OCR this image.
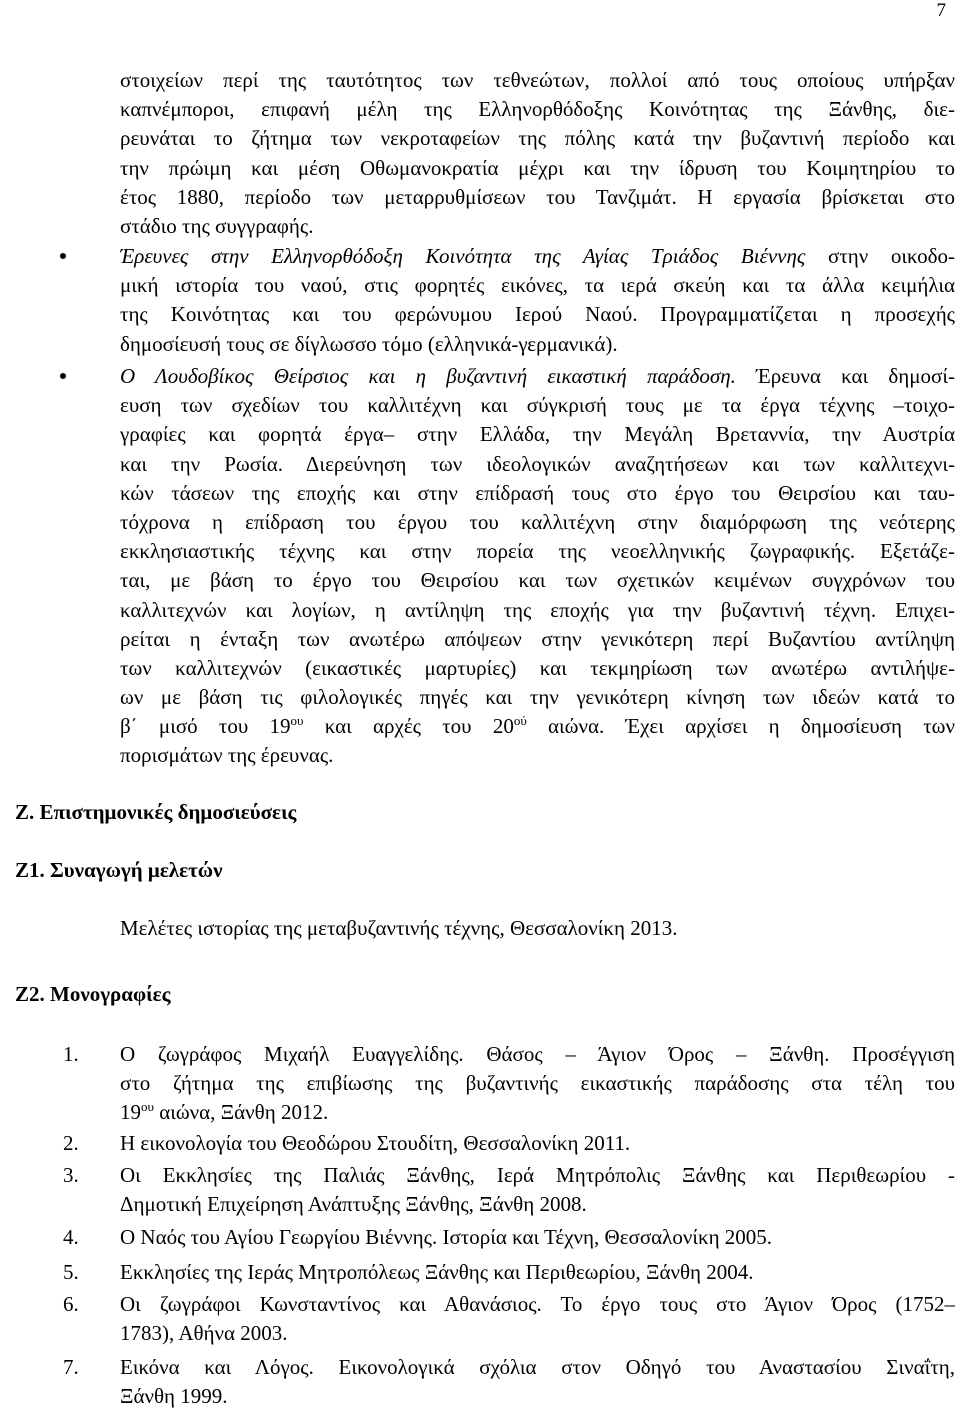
7
στοιχείων περί της ταυτότητος των τεθνεώτων, πολλοί από τους οποίους υπήρξαν
καπνέμποροι, επιφανή μέλη της Ελληνορθόδοξης Κοινότητας της Ξάνθης, διε-
ρευνάται το ζήτημα των νεκροταφείων της πόλης κατά την βυζαντινή περίοδο και
την πρώιμη και μέση Οθωμανοκρατία μέχρι και την ίδρυση του Κοιμητηρίου το
έτος 1880, περίοδο των μεταρρυθμίσεων του Τανζιμάτ. Η εργασία βρίσκεται στο
στάδιο της συγγραφής.
Έρευνες στην Ελληνορθόδοξη Κοινότητα της Αγίας Τριάδος Βιέννης στην οικοδο-
μική ιστορία του ναού, στις φορητές εικόνες, τα ιερά σκεύη και τα άλλα κειμήλια
της Κοινότητας και του φερώνυμου Ιερού Ναού. Προγραμματίζεται η προσεχής
δημοσίευσή τους σε δίγλωσσο τόμο (ελληνικά-γερμανικά).
Ο Λουδοβίκος Θείρσιος και η βυζαντινή εικαστική παράδοση. Έρευνα και δημοσί-
ευση των σχεδίων του καλλιτέχνη και σύγκρισή τους με τα έργα τέχνης –τοιχο-
γραφίες και φορητά έργα– στην Ελλάδα, την Μεγάλη Βρεταννία, την Αυστρία
και την Ρωσία. Διερεύνηση των ιδεολογικών αναζητήσεων και των καλλιτεχνι-
κών τάσεων της εποχής και στην επίδρασή τους στο έργο του Θειρσίου και ταυ-
τόχρονα η επίδραση του έργου του καλλιτέχνη στην διαμόρφωση της νεότερης
εκκλησιαστικής τέχνης και στην πορεία της νεοελληνικής ζωγραφικής. Εξετάζε-
ται, με βάση το έργο του Θειρσίου και των σχετικών κειμένων συγχρόνων του
καλλιτεχνών και λογίων, η αντίληψη της εποχής για την βυζαντινή τέχνη. Επιχει-
ρείται η ένταξη των ανωτέρω απόψεων στην γενικότερη περί Βυζαντίου αντίληψη
των καλλιτεχνών (εικαστικές μαρτυρίες) και τεκμηρίωση των ανωτέρω αντιλήψε-
ων με βάση τις φιλολογικές πηγές και την γενικότερη κίνηση των ιδεών κατά το
β΄ μισό του $19^{o\upsilon}$ και αρχές του $20^{oύ}$ αιώνα. Έχει αρχίσει η δημοσίευση των
πορισμάτων της έρευνας.
Ζ. Επιστημονικές δημοσιεύσεις
Ζ1. Συναγωγή μελετών
Μελέτες ιστορίας της μεταβυζαντινής τέχνης, Θεσσαλονίκη 2013.
Ζ2. Μονογραφίες
1. Ο ζωγράφος Μιχαήλ Ευαγγελίδης. Θάσος – Άγιον Όρος – Ξάνθη. Προσέγγιση
στο ζήτημα της επιβίωσης της βυζαντινής εικαστικής παράδοσης στα τέλη του
$19^{o\upsilon}$ αιώνα, Ξάνθη 2012.
2. Η εικονολογία του Θεοδώρου Στουδίτη, Θεσσαλονίκη 2011.
3. Οι Εκκλησίες της Παλιάς Ξάνθης, Ιερά Μητρόπολις Ξάνθης και Περιθεωρίου -
Δημοτική Επιχείρηση Ανάπτυξης Ξάνθης, Ξάνθη 2008.
4. Ο Ναός του Αγίου Γεωργίου Βιέννης. Ιστορία και Τέχνη, Θεσσαλονίκη 2005.
5. Εκκλησίες της Ιεράς Μητροπόλεως Ξάνθης και Περιθεωρίου, Ξάνθη 2004.
6. Οι ζωγράφοι Κωνσταντίνος και Αθανάσιος. Το έργο τους στο Άγιον Όρος (1752–
1783), Αθήνα 2003.
7. Εικόνα και Λόγος. Εικονολογικά σχόλια στον Οδηγό του Αναστασίου Σιναΐτη,
Ξάνθη 1999.
